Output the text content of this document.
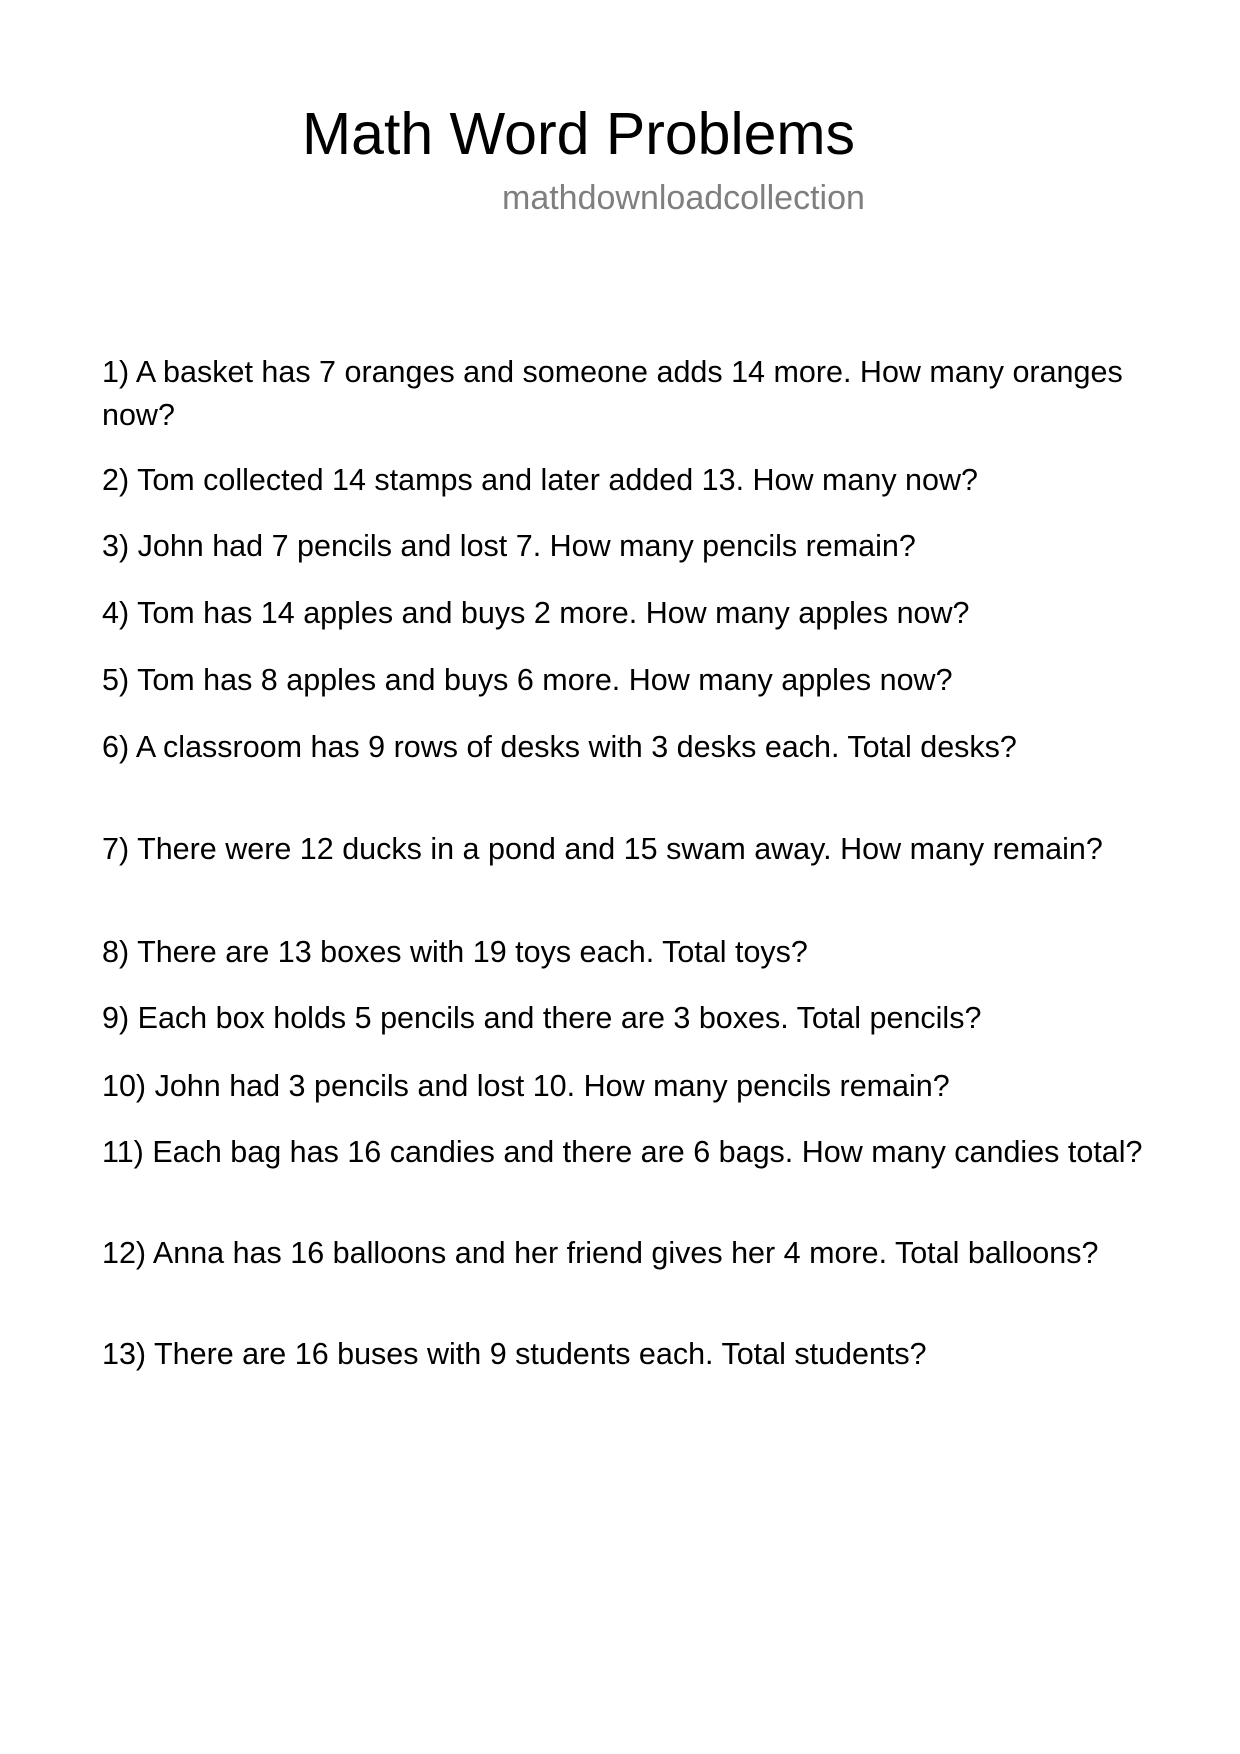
Math Word Problems
mathdownloadcollection
1) A basket has 7 oranges and someone adds 14 more. How many oranges now?
2) Tom collected 14 stamps and later added 13. How many now?
3) John had 7 pencils and lost 7. How many pencils remain?
4) Tom has 14 apples and buys 2 more. How many apples now?
5) Tom has 8 apples and buys 6 more. How many apples now?
6) A classroom has 9 rows of desks with 3 desks each. Total desks?
7) There were 12 ducks in a pond and 15 swam away. How many remain?
8) There are 13 boxes with 19 toys each. Total toys?
9) Each box holds 5 pencils and there are 3 boxes. Total pencils?
10) John had 3 pencils and lost 10. How many pencils remain?
11) Each bag has 16 candies and there are 6 bags. How many candies total?
12) Anna has 16 balloons and her friend gives her 4 more. Total balloons?
13) There are 16 buses with 9 students each. Total students?
